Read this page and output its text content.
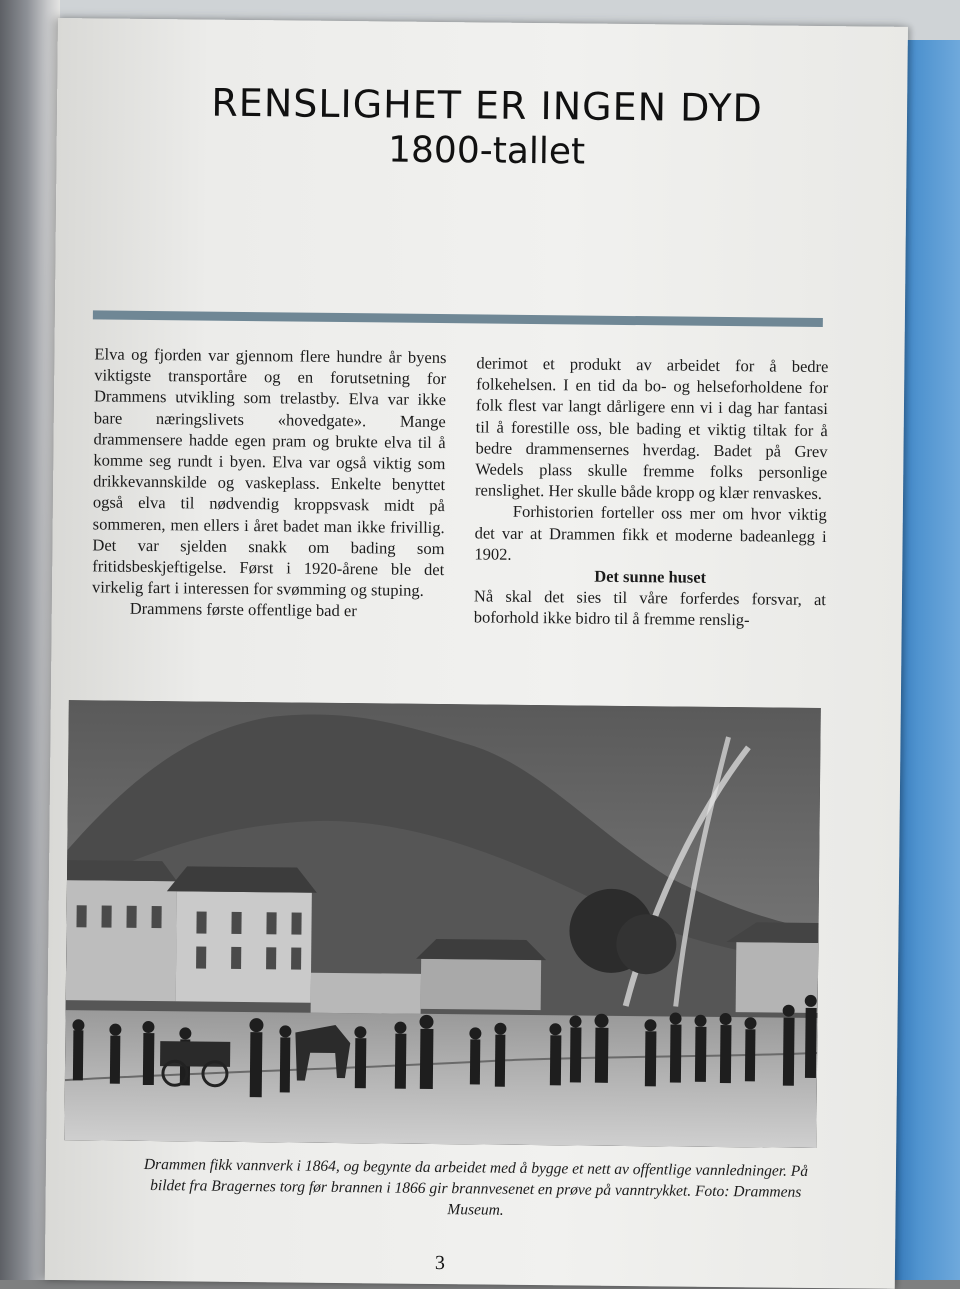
RENSLIGHET ER INGEN DYD
1800-tallet

Elva og fjorden var gjennom flere hundre år byens viktigste transportåre og en forutsetning for Drammens utvikling som trelastby. Elva var ikke bare næringslivets «hovedgate». Mange drammensere hadde egen pram og brukte elva til å komme seg rundt i byen. Elva var også viktig som drikkevannskilde og vaskeplass. Enkelte benyttet også elva til nødvendig kroppsvask midt på sommeren, men ellers i året badet man ikke frivillig. Det var sjelden snakk om bading som fritidsbeskjeftigelse. Først i 1920-årene ble det virkelig fart i interessen for svømming og stuping.

Drammens første offentlige bad er

derimot et produkt av arbeidet for å bedre folkehelsen. I en tid da bo- og helseforholdene for folk flest var langt dårligere enn vi i dag har fantasi til å forestille oss, ble bading et viktig tiltak for å bedre drammensernes hverdag. Badet på Grev Wedels plass skulle fremme folks personlige renslighet. Her skulle både kropp og klær renvaskes.

Forhistorien forteller oss mer om hvor viktig det var at Drammen fikk et moderne badeanlegg i 1902.

Det sunne huset

Nå skal det sies til våre forferdes forsvar, at boforhold ikke bidro til å fremme renslig-

Drammen fikk vannverk i 1864, og begynte da arbeidet med å bygge et nett av offentlige vannledninger. På bildet fra Bragernes torg før brannen i 1866 gir brannvesenet en prøve på vanntrykket. Foto: Drammens Museum.
3
